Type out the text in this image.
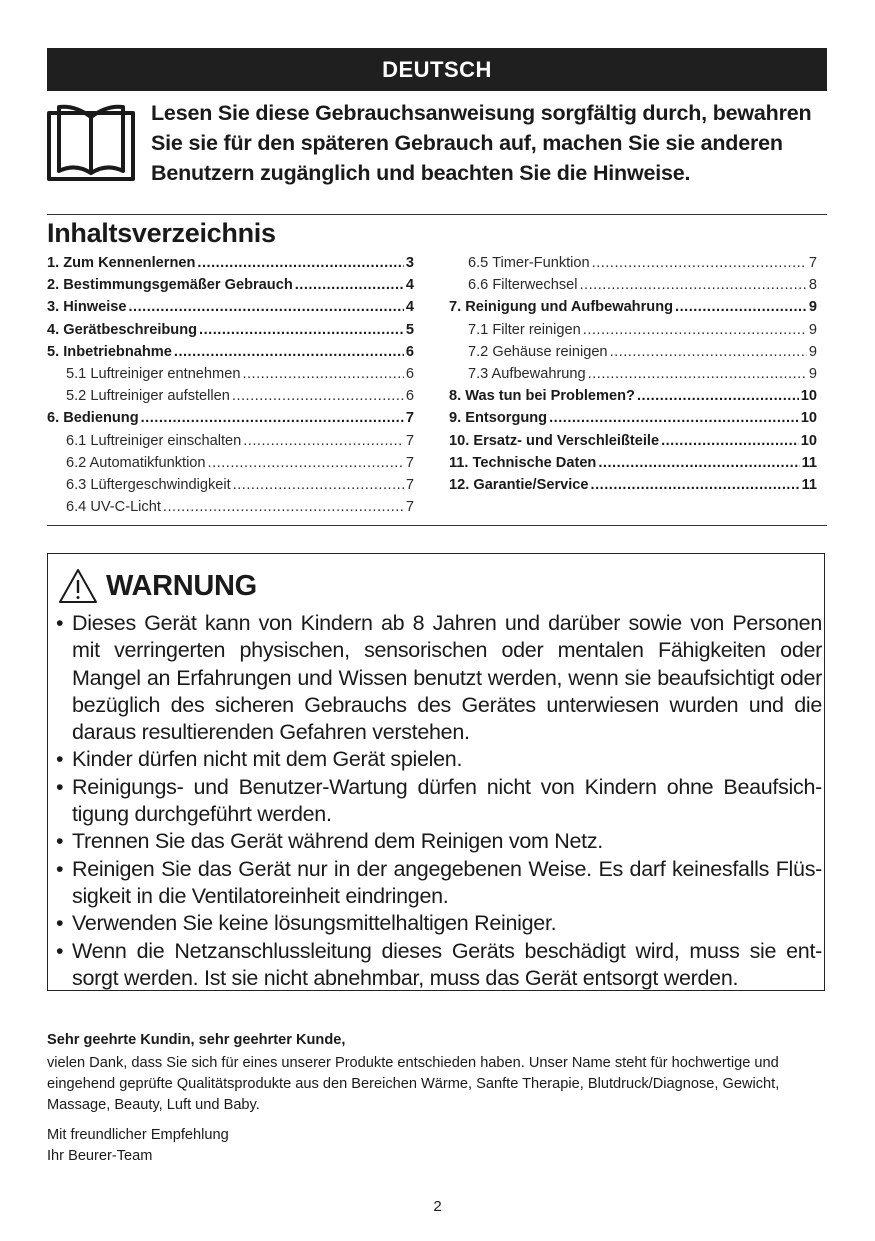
DEUTSCH
Lesen Sie diese Gebrauchsanweisung sorgfältig durch, bewahren
Sie sie für den späteren Gebrauch auf, machen Sie sie anderen
Benutzern zugänglich und beachten Sie die Hinweise.
Inhaltsverzeichnis
1. Zum Kennenlernen .....	3
2. Bestimmungsgemäßer Gebrauch .....	4
3. Hinweise .....	4
4. Gerätbeschreibung .....	5
5. Inbetriebnahme .....	6
5.1 Luftreiniger entnehmen .....	6
5.2 Luftreiniger aufstellen .....	6
6. Bedienung .....	7
6.1 Luftreiniger einschalten .....	7
6.2 Automatikfunktion .....	7
6.3 Lüftergeschwindigkeit .....	7
6.4 UV-C-Licht .....	7
6.5 Timer-Funktion .....	7
6.6 Filterwechsel .....	8
7. Reinigung und Aufbewahrung .....	9
7.1 Filter reinigen .....	9
7.2 Gehäuse reinigen .....	9
7.3 Aufbewahrung .....	9
8. Was tun bei Problemen? .....	10
9. Entsorgung .....	10
10. Ersatz- und Verschleißteile .....	10
11. Technische Daten .....	11
12. Garantie/Service .....	11
WARNUNG
• Dieses Gerät kann von Kindern ab 8 Jahren und darüber sowie von Personen mit verringerten physischen, sensorischen oder mentalen Fähigkeiten oder Mangel an Erfahrungen und Wissen benutzt werden, wenn sie beaufsichtigt oder bezüglich des sicheren Gebrauchs des Gerätes unterwiesen wurden und die daraus resultierenden Gefahren verstehen.
• Kinder dürfen nicht mit dem Gerät spielen.
• Reinigungs- und Benutzer-Wartung dürfen nicht von Kindern ohne Beaufsich-tigung durchgeführt werden.
• Trennen Sie das Gerät während dem Reinigen vom Netz.
• Reinigen Sie das Gerät nur in der angegebenen Weise. Es darf keinesfalls Flüs-sigkeit in die Ventilatoreinheit eindringen.
• Verwenden Sie keine lösungsmittelhaltigen Reiniger.
• Wenn die Netzanschlussleitung dieses Geräts beschädigt wird, muss sie ent-sorgt werden. Ist sie nicht abnehmbar, muss das Gerät entsorgt werden.
Sehr geehrte Kundin, sehr geehrter Kunde,
vielen Dank, dass Sie sich für eines unserer Produkte entschieden haben. Unser Name steht für hochwertige und eingehend geprüfte Qualitätsprodukte aus den Bereichen Wärme, Sanfte Therapie, Blutdruck/Diagnose, Gewicht, Massage, Beauty, Luft und Baby.
Mit freundlicher Empfehlung
Ihr Beurer-Team
2
